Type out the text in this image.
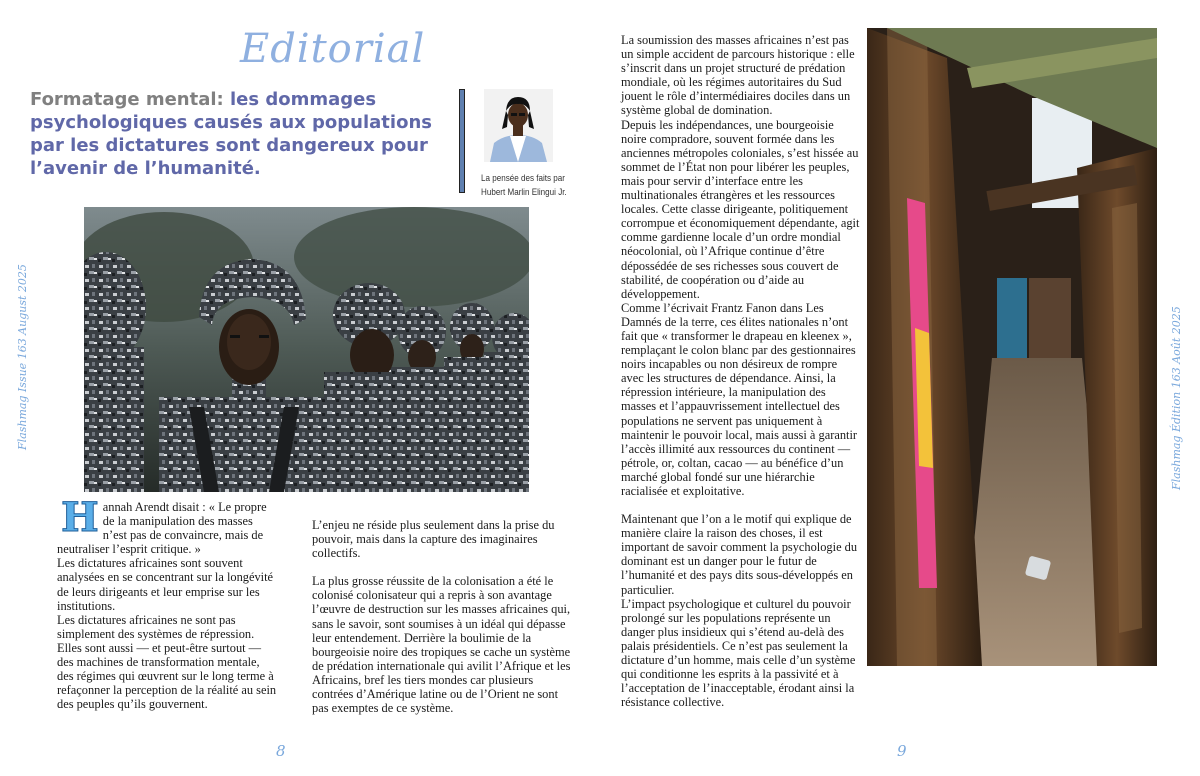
Editorial
Formatage mental: les dommages psychologiques causés aux populations par les dictatures sont dangereux pour l’avenir de l’humanité.	La pensée des faits par Hubert Marlin Elingui Jr.
Flashmag Issue 163 August 2025	Flashmag Édition 163 Août 2025
H annah Arendt disait : « Le propre de la manipulation des masses n’est pas de convaincre, mais de neutraliser l’esprit critique. »

Les dictatures africaines sont souvent analysées en se concentrant sur la longévité de leurs dirigeants et leur emprise sur les institutions.

Les dictatures africaines ne sont pas simplement des systèmes de répression. Elles sont aussi — et peut-être surtout — des machines de transformation mentale, des régimes qui œuvrent sur le long terme à refaçonner la perception de la réalité au sein des peuples qu’ils gouvernent.

L’enjeu ne réside plus seulement dans la prise du pouvoir, mais dans la capture des imaginaires collectifs.

La plus grosse réussite de la colonisation a été le colonisé colonisateur qui a repris à son avantage l’œuvre de destruction sur les masses africaines qui, sans le savoir, sont soumises à un idéal qui dépasse leur entendement. Derrière la boulimie de la bourgeoisie noire des tropiques se cache un système de prédation internationale qui avilit l’Afrique et les Africains, bref les tiers mondes car plusieurs contrées d’Amérique latine ou de l’Orient ne sont pas exemptes de ce système.

La soumission des masses africaines n’est pas un simple accident de parcours historique : elle s’inscrit dans un projet structuré de prédation mondiale, où les régimes autoritaires du Sud jouent le rôle d’intermédiaires dociles dans un système global de domination.

Depuis les indépendances, une bourgeoisie noire compradore, souvent formée dans les anciennes métropoles coloniales, s’est hissée au sommet de l’État non pour libérer les peuples, mais pour servir d’interface entre les multinationales étrangères et les ressources locales. Cette classe dirigeante, politiquement corrompue et économiquement dépendante, agit comme gardienne locale d’un ordre mondial néocolonial, où l’Afrique continue d’être dépossédée de ses richesses sous couvert de stabilité, de coopération ou d’aide au développement.

Comme l’écrivait Frantz Fanon dans Les Damnés de la terre, ces élites nationales n’ont fait que « transformer le drapeau en kleenex », remplaçant le colon blanc par des gestionnaires noirs incapables ou non désireux de rompre avec les structures de dépendance. Ainsi, la répression intérieure, la manipulation des masses et l’appauvrissement intellectuel des populations ne servent pas uniquement à maintenir le pouvoir local, mais aussi à garantir l’accès illimité aux ressources du continent — pétrole, or, coltan, cacao — au bénéfice d’un marché global fondé sur une hiérarchie racialisée et exploitative.

Maintenant que l’on a le motif qui explique de manière claire la raison des choses, il est important de savoir comment la psychologie du dominant est un danger pour le futur de l’humanité et des pays dits sous-développés en particulier.

L’impact psychologique et culturel du pouvoir prolongé sur les populations représente un danger plus insidieux qui s’étend au-delà des palais présidentiels. Ce n’est pas seulement la dictature d’un homme, mais celle d’un système qui conditionne les esprits à la passivité et à l’acceptation de l’inacceptable, érodant ainsi la résistance collective.

8	9
